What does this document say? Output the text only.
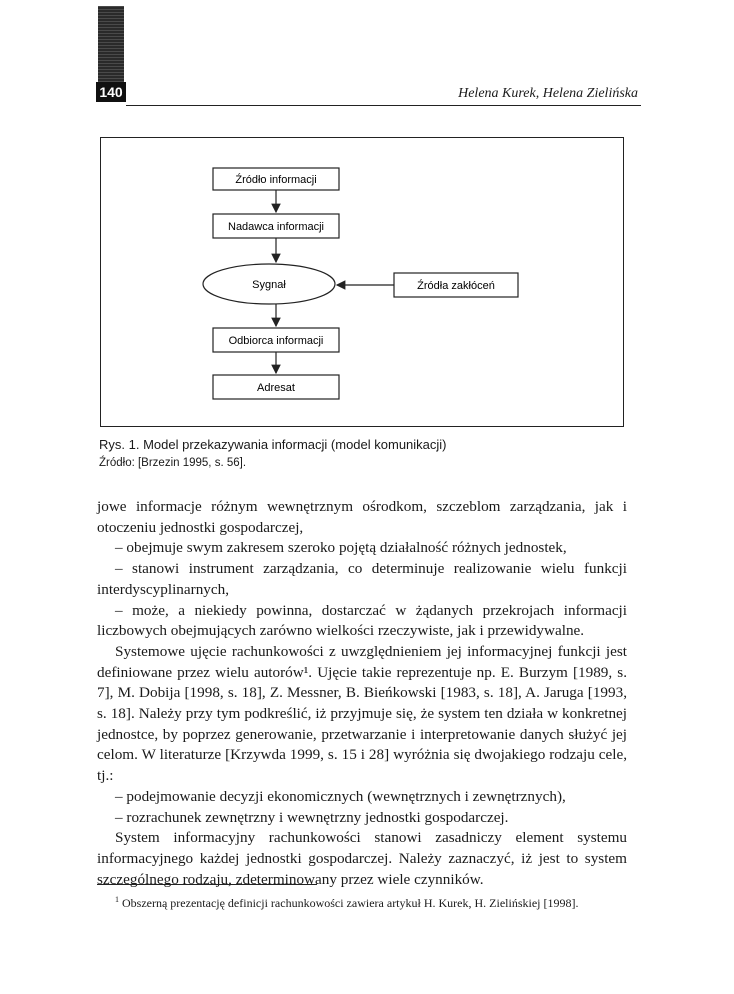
140	Helena Kurek, Helena Zielińska
Źródło informacji
Nadawca informacji
Sygnał	Źródła zakłóceń
Odbiorca informacji
Adresat
Rys. 1. Model przekazywania informacji (model komunikacji)
Źródło: [Brzezin 1995, s. 56].

jowe informacje różnym wewnętrznym ośrodkom, szczeblom zarządzania, jak i otoczeniu jednostki gospodarczej,

– obejmuje swym zakresem szeroko pojętą działalność różnych jednostek,

– stanowi instrument zarządzania, co determinuje realizowanie wielu funkcji interdyscyplinarnych,

– może, a niekiedy powinna, dostarczać w żądanych przekrojach informacji liczbowych obejmujących zarówno wielkości rzeczywiste, jak i przewidywalne.

Systemowe ujęcie rachunkowości z uwzględnieniem jej informacyjnej funkcji jest definiowane przez wielu autorów¹. Ujęcie takie reprezentuje np. E. Burzym [1989, s. 7], M. Dobija [1998, s. 18], Z. Messner, B. Bieńkowski [1983, s. 18], A. Jaruga [1993, s. 18]. Należy przy tym podkreślić, iż przyjmuje się, że system ten działa w konkretnej jednostce, by poprzez generowanie, przetwarzanie i interpretowanie danych służyć jej celom. W literaturze [Krzywda 1999, s. 15 i 28] wyróżnia się dwojakiego rodzaju cele, tj.:

– podejmowanie decyzji ekonomicznych (wewnętrznych i zewnętrznych),

– rozrachunek zewnętrzny i wewnętrzny jednostki gospodarczej.

System informacyjny rachunkowości stanowi zasadniczy element systemu informacyjnego każdej jednostki gospodarczej. Należy zaznaczyć, iż jest to system szczególnego rodzaju, zdeterminowany przez wiele czynników.

$^1$ Obszerną prezentację definicji rachunkowości zawiera artykuł H. Kurek, H. Zielińskiej [1998].
